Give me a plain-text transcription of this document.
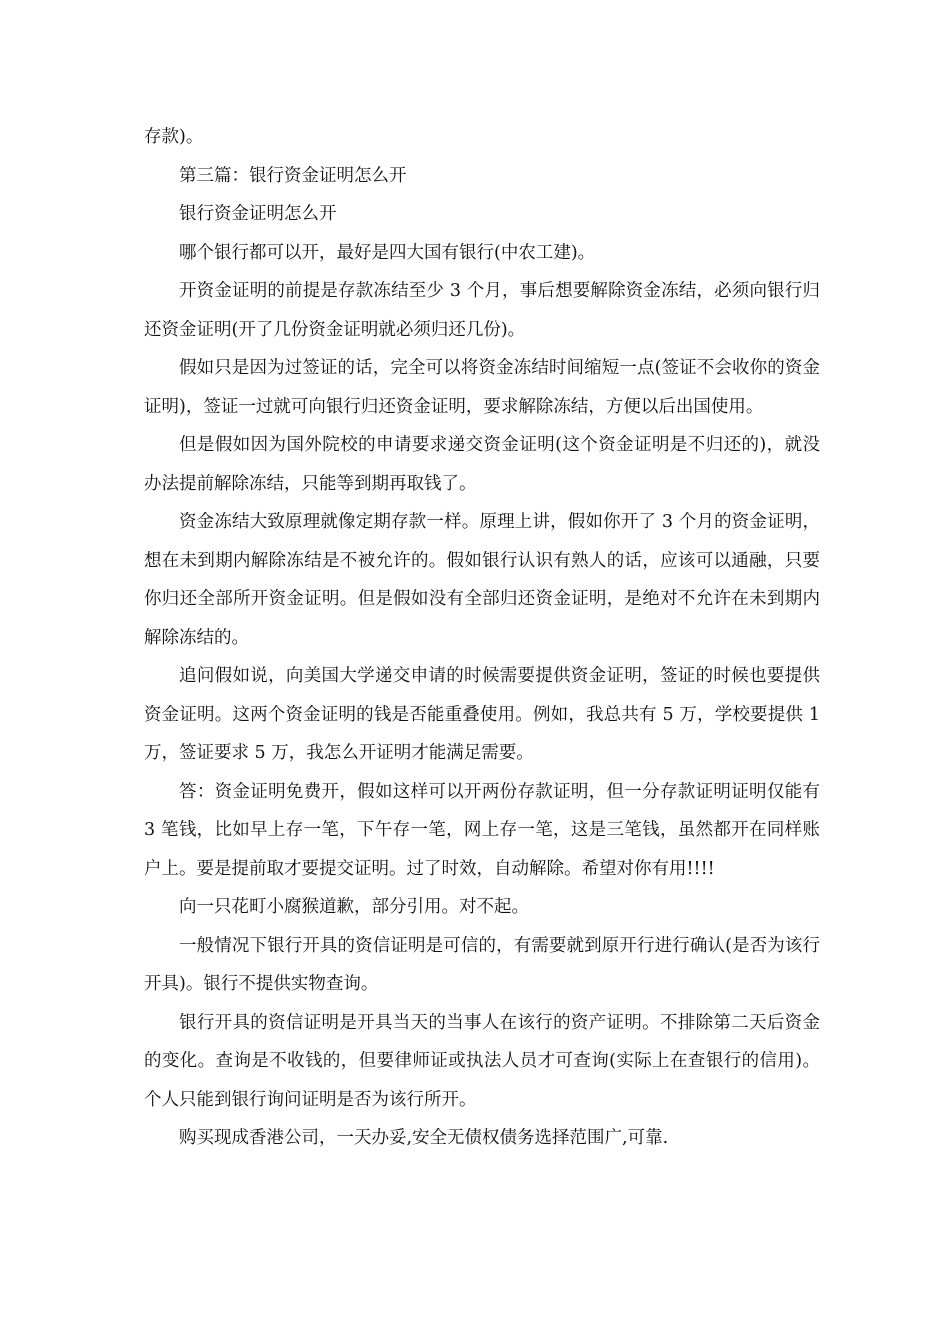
存款)。

第三篇：银行资金证明怎么开

银行资金证明怎么开

哪个银行都可以开，最好是四大国有银行(中农工建)。

开资金证明的前提是存款冻结至少 3 个月，事后想要解除资金冻结，必须向银行归还资金证明(开了几份资金证明就必须归还几份)。

假如只是因为过签证的话，完全可以将资金冻结时间缩短一点(签证不会收你的资金证明)，签证一过就可向银行归还资金证明，要求解除冻结，方便以后出国使用。

但是假如因为国外院校的申请要求递交资金证明(这个资金证明是不归还的)，就没办法提前解除冻结，只能等到期再取钱了。

资金冻结大致原理就像定期存款一样。原理上讲，假如你开了 3 个月的资金证明，想在未到期内解除冻结是不被允许的。假如银行认识有熟人的话，应该可以通融，只要你归还全部所开资金证明。但是假如没有全部归还资金证明，是绝对不允许在未到期内解除冻结的。

追问假如说，向美国大学递交申请的时候需要提供资金证明，签证的时候也要提供资金证明。这两个资金证明的钱是否能重叠使用。例如，我总共有 5 万，学校要提供 1 万，签证要求 5 万，我怎么开证明才能满足需要。

答：资金证明免费开，假如这样可以开两份存款证明，但一分存款证明证明仅能有 3 笔钱，比如早上存一笔，下午存一笔，网上存一笔，这是三笔钱，虽然都开在同样账户上。要是提前取才要提交证明。过了时效，自动解除。希望对你有用!!!!

向一只花町小腐猴道歉，部分引用。对不起。

一般情况下银行开具的资信证明是可信的，有需要就到原开行进行确认(是否为该行开具)。银行不提供实物查询。

银行开具的资信证明是开具当天的当事人在该行的资产证明。不排除第二天后资金的变化。查询是不收钱的，但要律师证或执法人员才可查询(实际上在查银行的信用)。个人只能到银行询问证明是否为该行所开。

购买现成香港公司，一天办妥,安全无债权债务选择范围广,可靠.
